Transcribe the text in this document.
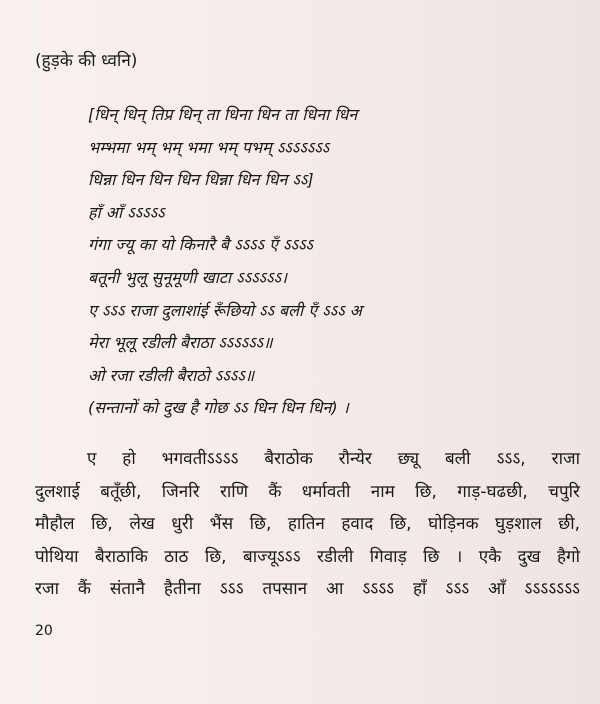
(हुड़के की ध्वनि)
[धिन् धिन् तिप्र धिन् ता धिना धिन ता धिना धिन
भम्भमा भम् भम् भमा भम् पभम् ऽऽऽऽऽऽऽ
धिन्ना धिन धिन धिन धिन्ना धिन धिन ऽऽ]
हाँ आँ ऽऽऽऽऽ
गंगा ज्यू का यो किनारै बै ऽऽऽऽ एँ ऽऽऽऽ
बतूनी भुलू सुनूमूणी खाटा ऽऽऽऽऽऽ।
ए ऽऽऽ राजा दुलाशांई रूँछियो ऽऽ बली एँ ऽऽऽ अ
मेरा भूलू रडीली बैराठा ऽऽऽऽऽऽ॥
ओ रजा रडीली बैराठो ऽऽऽऽ॥
(सन्तानों को दुख है गोछ ऽऽ धिन धिन धिन) ।
ए हो भगवतीऽऽऽऽ बैराठोक रौन्येर छ्यू बली ऽऽऽ, राजा
दुलशाई बतूँछी, जिनरि राणि कैं धर्मावती नाम छि, गाड़-घढछी, चपुरि
मौहौल छि, लेख धुरी भैंस छि, हातिन हवाद छि, घोड़िनक घुड़शाल छी,
पोथिया बैराठाकि ठाठ छि, बाज्यूऽऽऽ रडीली गिवाड़ छि । एकै दुख हैगो
रजा कैं संतानै हैतीना ऽऽऽ तपसान आ ऽऽऽऽ हाँ ऽऽऽ आँ ऽऽऽऽऽऽऽ
20
